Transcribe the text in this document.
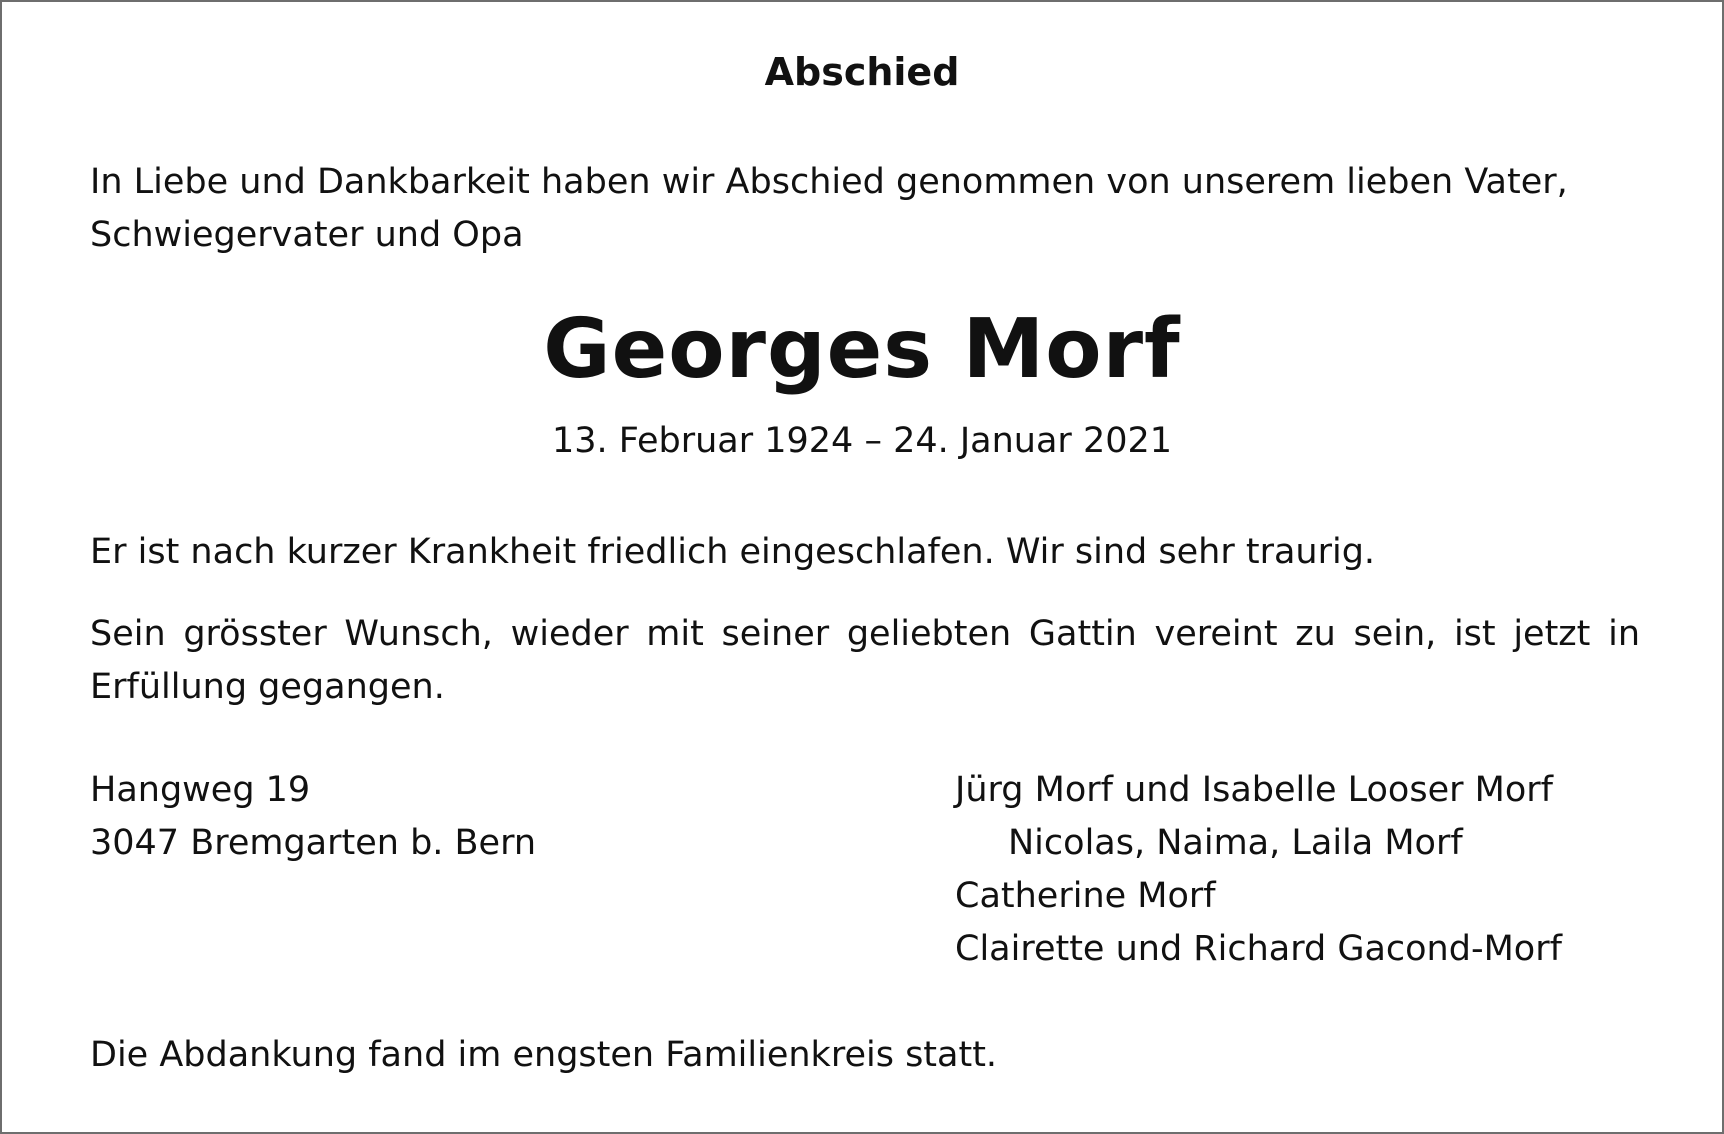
Abschied

In Liebe und Dankbarkeit haben wir Abschied genommen von unserem lieben Vater,
Schwiegervater und Opa

Georges Morf

13. Februar 1924 – 24. Januar 2021

Er ist nach kurzer Krankheit friedlich eingeschlafen. Wir sind sehr traurig.

Sein grösster Wunsch, wieder mit seiner geliebten Gattin vereint zu sein, ist jetzt in Erfüllung gegangen.

Hangweg 19
3047 Bremgarten b. Bern

Jürg Morf und Isabelle Looser Morf
Nicolas, Naima, Laila Morf
Catherine Morf
Clairette und Richard Gacond-Morf

Die Abdankung fand im engsten Familienkreis statt.
